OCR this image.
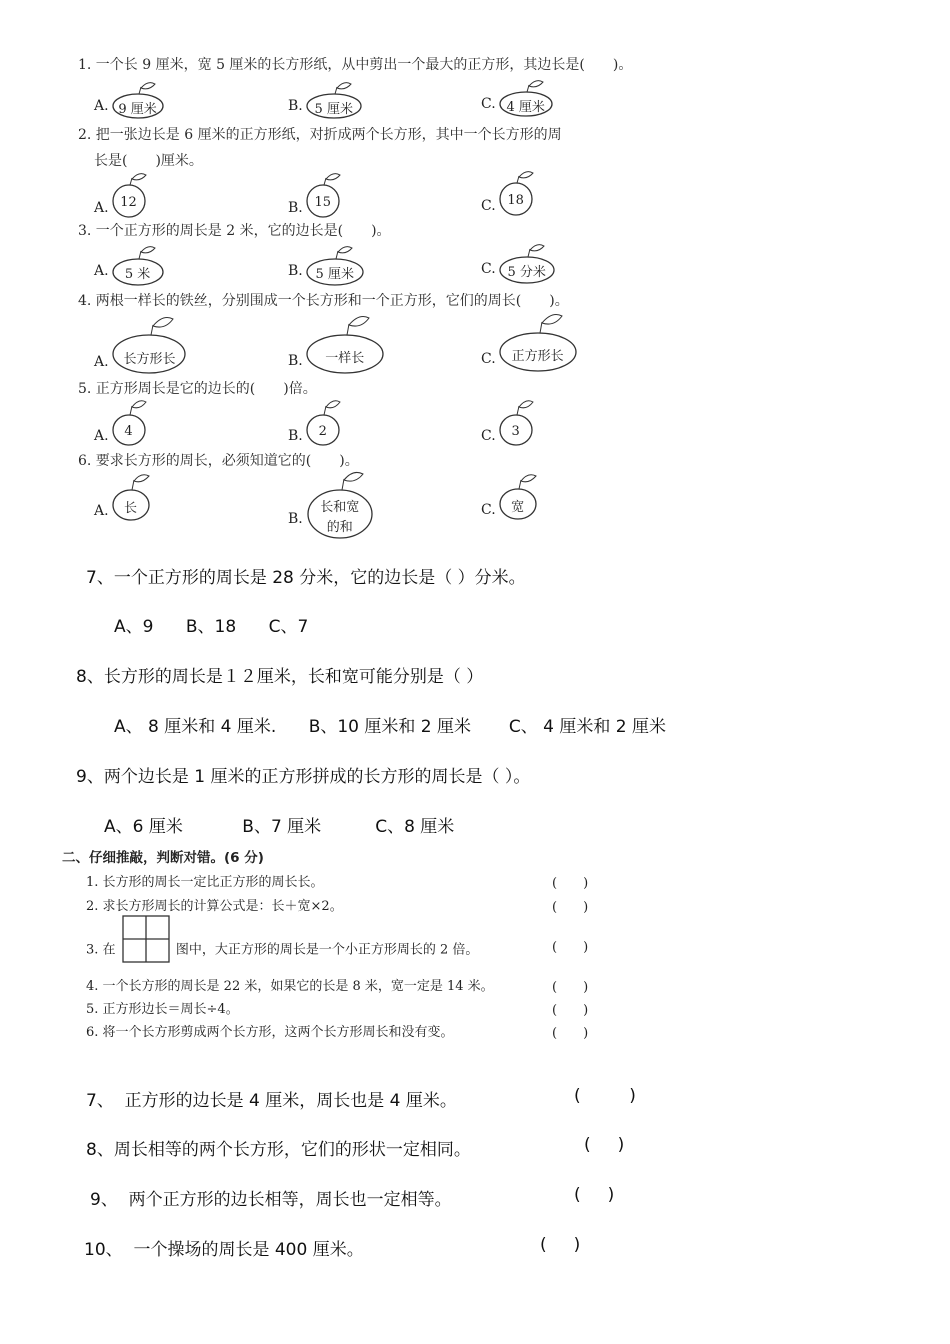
1. 一个长 9 厘米，宽 5 厘米的长方形纸，从中剪出一个最大的正方形，其边长是(　　)。
A. 9 厘米	B. 5 厘米	C. 4 厘米
2. 把一张边长是 6 厘米的正方形纸，对折成两个长方形，其中一个长方形的周
长是(　　)厘米。
A. 12	B. 15	C. 18
3. 一个正方形的周长是 2 米，它的边长是(　　)。
A. 5 米	B. 5 厘米	C. 5 分米
4. 两根一样长的铁丝，分别围成一个长方形和一个正方形，它们的周长(　　)。
A. 长方形长	B. 一样长	C. 正方形长
5. 正方形周长是它的边长的(　　)倍。
A. 4	B. 2	C. 3
6. 要求长方形的周长，必须知道它的(　　)。
A. 长
B.
长和宽
的和
C. 宽
7、一个正方形的周长是 28 分米，它的边长是（ ）分米。
A、9      B、18      C、7
8、长方形的周长是１２厘米，长和宽可能分别是（ ）
A、 8 厘米和 4 厘米.      B、10 厘米和 2 厘米       C、 4 厘米和 2 厘米
9、两个边长是 1 厘米的正方形拼成的长方形的周长是（ ）。
A、6 厘米           B、7 厘米          C、8 厘米
二、仔细推敲，判断对错。(6 分)
1. 长方形的周长一定比正方形的周长长。	(　　)
2. 求长方形周长的计算公式是：长＋宽×2。	(　　)
3. 在	图中，大正方形的周长是一个小正方形周长的 2 倍。	(　　)
4. 一个长方形的周长是 22 米，如果它的长是 8 米，宽一定是 14 米。	(　　)
5. 正方形边长＝周长÷4。	(　　)
6. 将一个长方形剪成两个长方形，这两个长方形周长和没有变。	(　　)
7、  正方形的边长是 4 厘米，周长也是 4 厘米。	(         )
8、周长相等的两个长方形，它们的形状一定相同。	(     )
9、  两个正方形的边长相等，周长也一定相等。	(     )
10、  一个操场的周长是 400 厘米。	(     )
